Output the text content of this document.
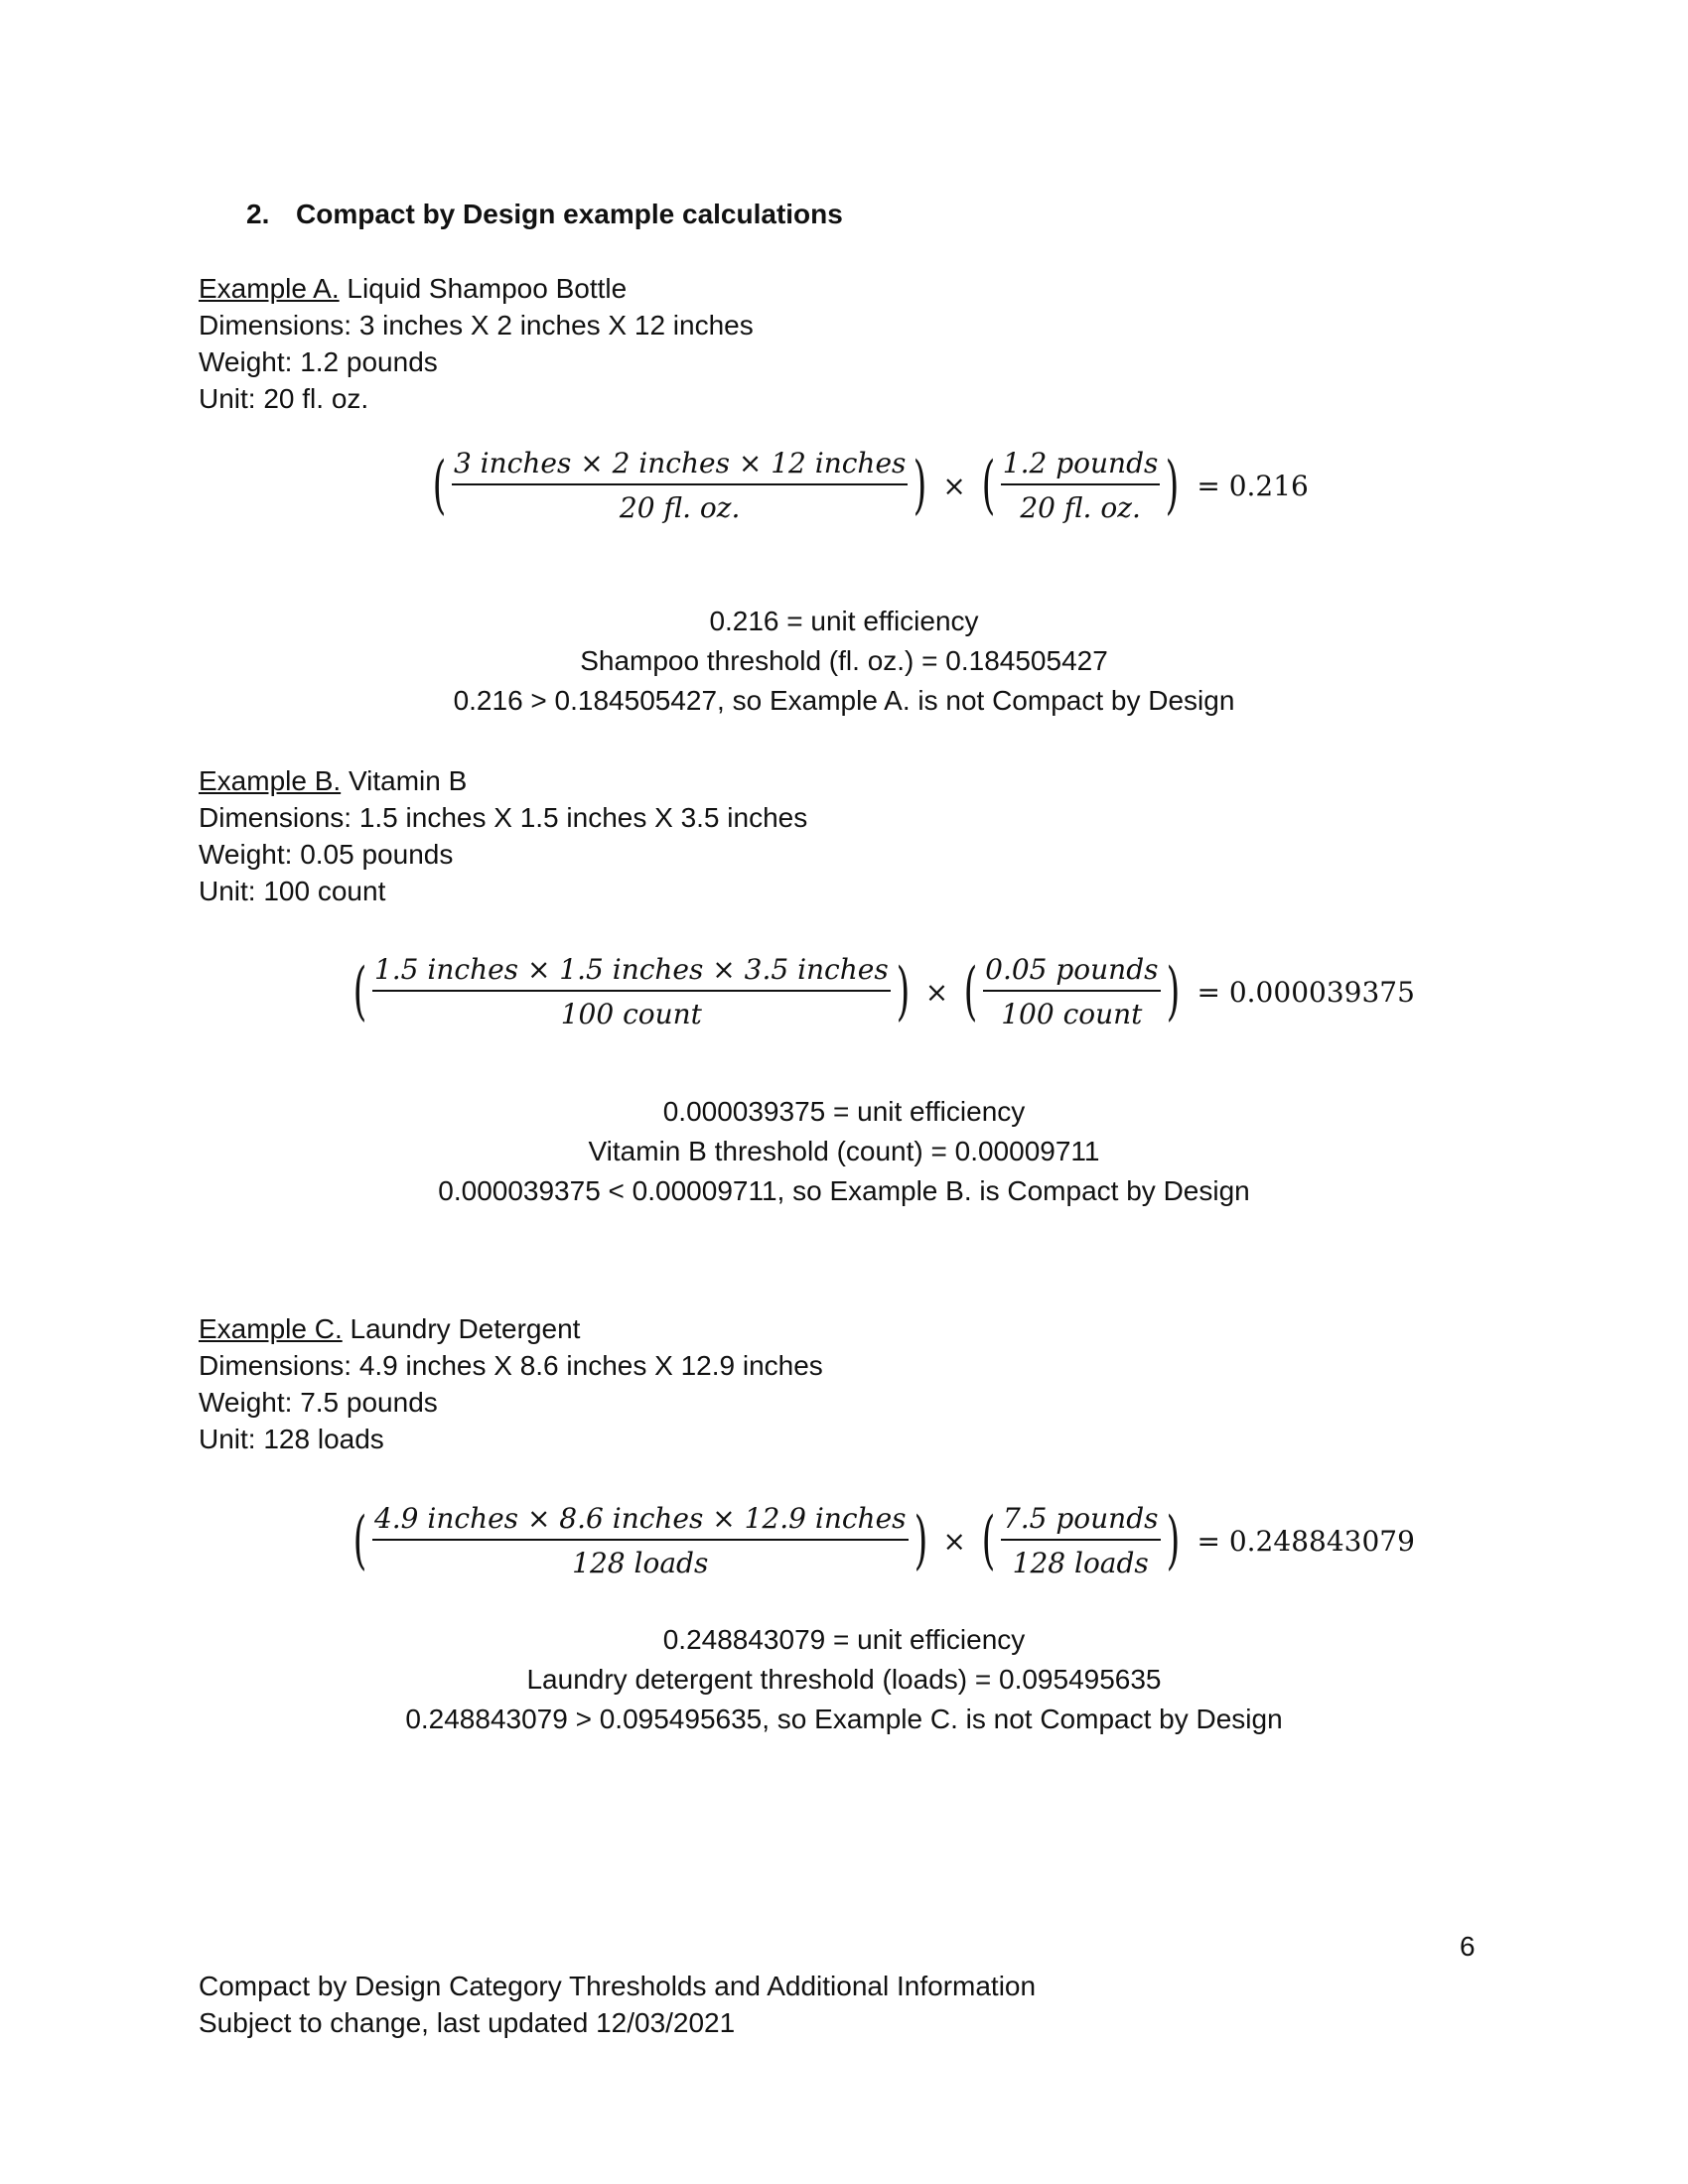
2. Compact by Design example calculations
Example A. Liquid Shampoo Bottle
Dimensions: 3 inches X 2 inches X 12 inches
Weight: 1.2 pounds
Unit: 20 fl. oz.
( $\frac{\text{3 inches × 2 inches × 12 inches}}{20 fl. oz.}$ ) × ( $\frac{\text{1.2 pounds}}{20 fl. oz.}$ ) = 0.216
0.216 = unit efficiency
Shampoo threshold (fl. oz.) = 0.184505427
0.216 > 0.184505427, so Example A. is not Compact by Design
Example B. Vitamin B
Dimensions: 1.5 inches X 1.5 inches X 3.5 inches
Weight: 0.05 pounds
Unit: 100 count
( $\frac{\text{1.5 inches × 1.5 inches × 3.5 inches}}{\text{100 count}}$ ) × ( $\frac{\text{0.05 pounds}}{\text{100 count}}$ ) = 0.000039375
0.000039375 = unit efficiency
Vitamin B threshold (count) = 0.00009711
0.000039375 < 0.00009711, so Example B. is Compact by Design
Example C. Laundry Detergent
Dimensions: 4.9 inches X 8.6 inches X 12.9 inches
Weight: 7.5 pounds
Unit: 128 loads
( $\frac{\text{4.9 inches × 8.6 inches × 12.9 inches}}{\text{128 loads}}$ ) × ( $\frac{\text{7.5 pounds}}{\text{128 loads}}$ ) = 0.248843079
0.248843079 = unit efficiency
Laundry detergent threshold (loads) = 0.095495635
0.248843079 > 0.095495635, so Example C. is not Compact by Design
6
Compact by Design Category Thresholds and Additional Information
Subject to change, last updated 12/03/2021
